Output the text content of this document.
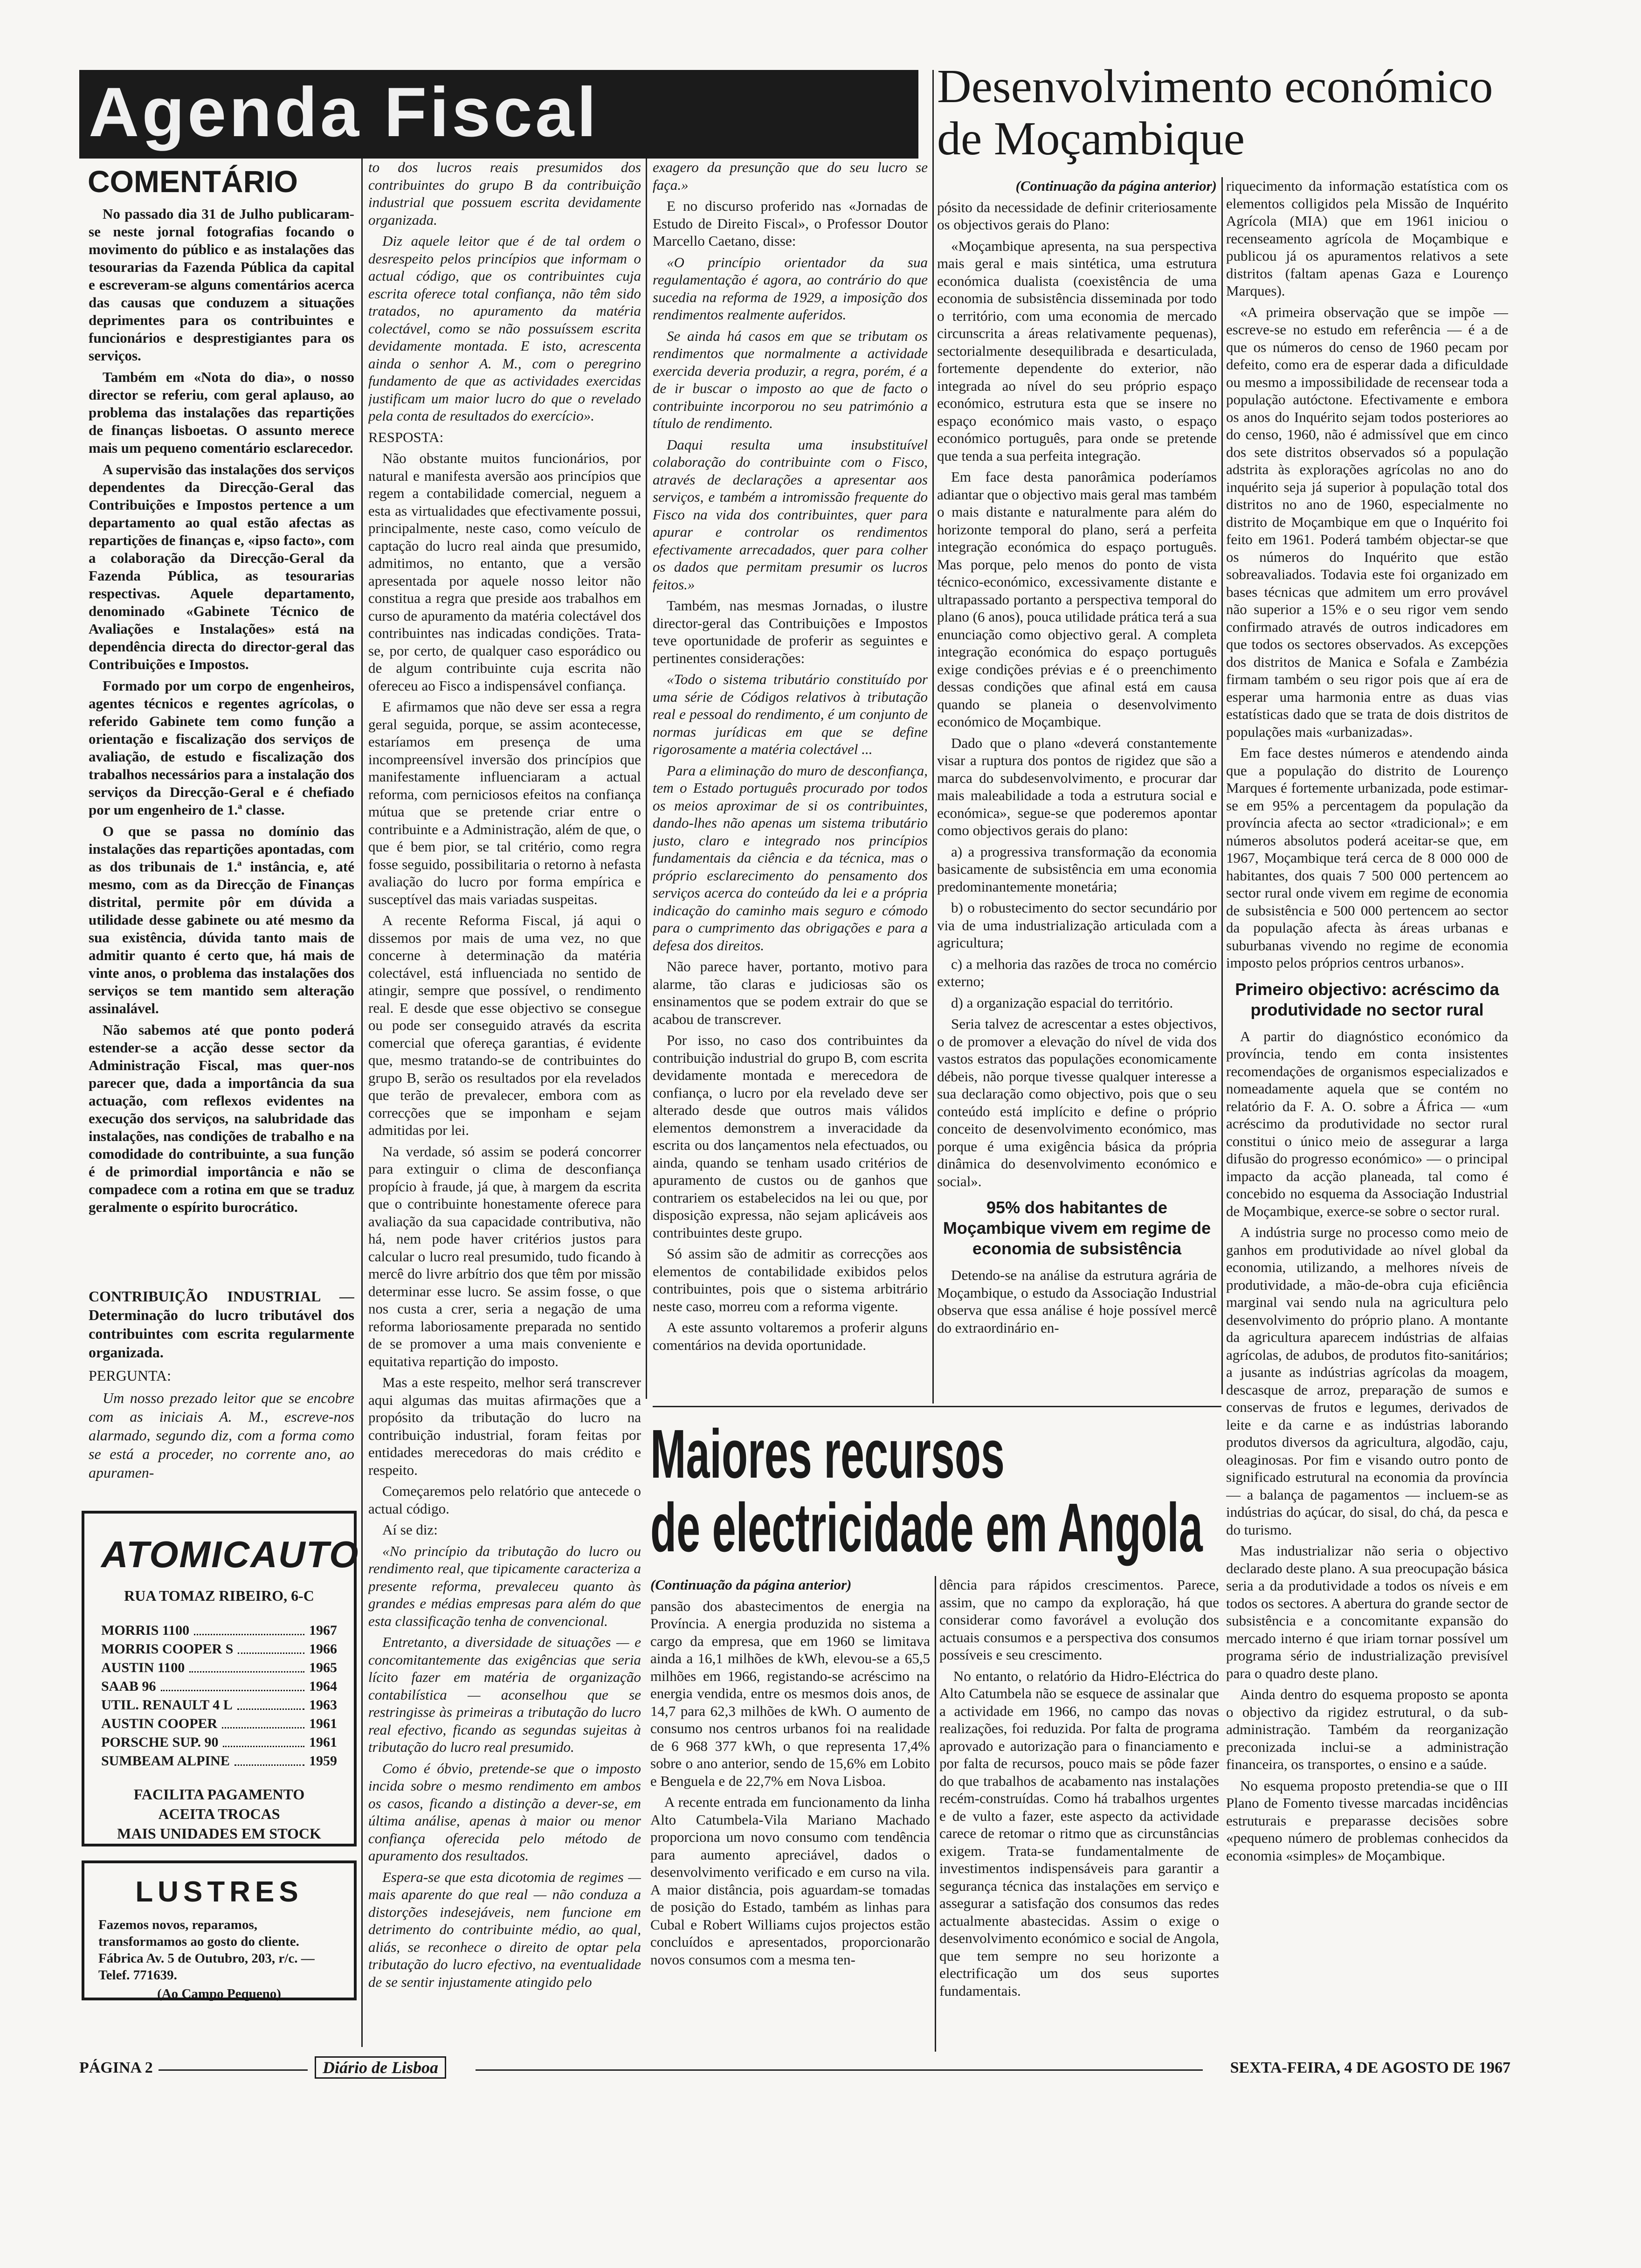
Agenda Fiscal
COMENTÁRIO

No passado dia 31 de Julho publicaram-se neste jornal fotografias focando o movimento do público e as instalações das tesourarias da Fazenda Pública da capital e escreveram-se alguns comentários acerca das causas que conduzem a situações deprimentes para os contribuintes e funcionários e desprestigiantes para os serviços.

Também em «Nota do dia», o nosso director se referiu, com geral aplauso, ao problema das instalações das repartições de finanças lisboetas. O assunto merece mais um pequeno comentário esclarecedor.

A supervisão das instalações dos serviços dependentes da Direcção-Geral das Contribuições e Impostos pertence a um departamento ao qual estão afectas as repartições de finanças e, «ipso facto», com a colaboração da Direcção-Geral da Fazenda Pública, as tesourarias respectivas. Aquele departamento, denominado «Gabinete Técnico de Avaliações e Instalações» está na dependência directa do director-geral das Contribuições e Impostos.

Formado por um corpo de engenheiros, agentes técnicos e regentes agrícolas, o referido Gabinete tem como função a orientação e fiscalização dos serviços de avaliação, de estudo e fiscalização dos trabalhos necessários para a instalação dos serviços da Direcção-Geral e é chefiado por um engenheiro de 1.ª classe.

O que se passa no domínio das instalações das repartições apontadas, com as dos tribunais de 1.ª instância, e, até mesmo, com as da Direcção de Finanças distrital, permite pôr em dúvida a utilidade desse gabinete ou até mesmo da sua existência, dúvida tanto mais de admitir quanto é certo que, há mais de vinte anos, o problema das instalações dos serviços se tem mantido sem alteração assinalável.

Não sabemos até que ponto poderá estender-se a acção desse sector da Administração Fiscal, mas quer-nos parecer que, dada a importância da sua actuação, com reflexos evidentes na execução dos serviços, na salubridade das instalações, nas condições de trabalho e na comodidade do contribuinte, a sua função é de primordial importância e não se compadece com a rotina em que se traduz geralmente o espírito burocrático.

CONTRIBUIÇÃO INDUSTRIAL — Determinação do lucro tributável dos contribuintes com escrita regularmente organizada.

PERGUNTA:

Um nosso prezado leitor que se encobre com as iniciais A. M., escreve-nos alarmado, segundo diz, com a forma como se está a proceder, no corrente ano, ao apuramen-

ATOMICAUTO
RUA TOMAZ RIBEIRO, 6-C
MORRIS 1100	1967
MORRIS COOPER S	1966
AUSTIN 1100	1965
SAAB 96	1964
UTIL. RENAULT 4 L	1963
AUSTIN COOPER	1961
PORSCHE SUP. 90	1961
SUMBEAM ALPINE	1959
FACILITA PAGAMENTO
ACEITA TROCAS
MAIS UNIDADES EM STOCK
LUSTRES
Fazemos novos, reparamos, transformamos ao gosto do cliente. Fábrica Av. 5 de Outubro, 203, r/c. — Telef. 771639.
(Ao Campo Pequeno)

to dos lucros reais presumidos dos contribuintes do grupo B da contribuição industrial que possuem escrita devidamente organizada.

Diz aquele leitor que é de tal ordem o desrespeito pelos princípios que informam o actual código, que os contribuintes cuja escrita oferece total confiança, não têm sido tratados, no apuramento da matéria colectável, como se não possuíssem escrita devidamente montada. E isto, acrescenta ainda o senhor A. M., com o peregrino fundamento de que as actividades exercidas justificam um maior lucro do que o revelado pela conta de resultados do exercício».

RESPOSTA:

Não obstante muitos funcionários, por natural e manifesta aversão aos princípios que regem a contabilidade comercial, neguem a esta as virtualidades que efectivamente possui, principalmente, neste caso, como veículo de captação do lucro real ainda que presumido, admitimos, no entanto, que a versão apresentada por aquele nosso leitor não constitua a regra que preside aos trabalhos em curso de apuramento da matéria colectável dos contribuintes nas indicadas condições. Trata-se, por certo, de qualquer caso esporádico ou de algum contribuinte cuja escrita não ofereceu ao Fisco a indispensável confiança.

E afirmamos que não deve ser essa a regra geral seguida, porque, se assim acontecesse, estaríamos em presença de uma incompreensível inversão dos princípios que manifestamente influenciaram a actual reforma, com perniciosos efeitos na confiança mútua que se pretende criar entre o contribuinte e a Administração, além de que, o que é bem pior, se tal critério, como regra fosse seguido, possibilitaria o retorno à nefasta avaliação do lucro por forma empírica e susceptível das mais variadas suspeitas.

A recente Reforma Fiscal, já aqui o dissemos por mais de uma vez, no que concerne à determinação da matéria colectável, está influenciada no sentido de atingir, sempre que possível, o rendimento real. E desde que esse objectivo se consegue ou pode ser conseguido através da escrita comercial que ofereça garantias, é evidente que, mesmo tratando-se de contribuintes do grupo B, serão os resultados por ela revelados que terão de prevalecer, embora com as correcções que se imponham e sejam admitidas por lei.

Na verdade, só assim se poderá concorrer para extinguir o clima de desconfiança propício à fraude, já que, à margem da escrita que o contribuinte honestamente oferece para avaliação da sua capacidade contributiva, não há, nem pode haver critérios justos para calcular o lucro real presumido, tudo ficando à mercê do livre arbítrio dos que têm por missão determinar esse lucro. Se assim fosse, o que nos custa a crer, seria a negação de uma reforma laboriosamente preparada no sentido de se promover a uma mais conveniente e equitativa repartição do imposto.

Mas a este respeito, melhor será transcrever aqui algumas das muitas afirmações que a propósito da tributação do lucro na contribuição industrial, foram feitas por entidades merecedoras do mais crédito e respeito.

Começaremos pelo relatório que antecede o actual código.

Aí se diz:

«No princípio da tributação do lucro ou rendimento real, que tipicamente caracteriza a presente reforma, prevaleceu quanto às grandes e médias empresas para além do que esta classificação tenha de convencional.

Entretanto, a diversidade de situações — e concomitantemente das exigências que seria lícito fazer em matéria de organização contabilística — aconselhou que se restringisse às primeiras a tributação do lucro real efectivo, ficando as segundas sujeitas à tributação do lucro real presumido.

Como é óbvio, pretende-se que o imposto incida sobre o mesmo rendimento em ambos os casos, ficando a distinção a dever-se, em última análise, apenas à maior ou menor confiança oferecida pelo método de apuramento dos resultados.

Espera-se que esta dicotomia de regimes — mais aparente do que real — não conduza a distorções indesejáveis, nem funcione em detrimento do contribuinte médio, ao qual, aliás, se reconhece o direito de optar pela tributação do lucro efectivo, na eventualidade de se sentir injustamente atingido pelo

exagero da presunção que do seu lucro se faça.»

E no discurso proferido nas «Jornadas de Estudo de Direito Fiscal», o Professor Doutor Marcello Caetano, disse:

«O princípio orientador da sua regulamentação é agora, ao contrário do que sucedia na reforma de 1929, a imposição dos rendimentos realmente auferidos.

Se ainda há casos em que se tributam os rendimentos que normalmente a actividade exercida deveria produzir, a regra, porém, é a de ir buscar o imposto ao que de facto o contribuinte incorporou no seu património a título de rendimento.

Daqui resulta uma insubstituível colaboração do contribuinte com o Fisco, através de declarações a apresentar aos serviços, e também a intromissão frequente do Fisco na vida dos contribuintes, quer para apurar e controlar os rendimentos efectivamente arrecadados, quer para colher os dados que permitam presumir os lucros feitos.»

Também, nas mesmas Jornadas, o ilustre director-geral das Contribuições e Impostos teve oportunidade de proferir as seguintes e pertinentes considerações:

«Todo o sistema tributário constituído por uma série de Códigos relativos à tributação real e pessoal do rendimento, é um conjunto de normas jurídicas em que se define rigorosamente a matéria colectável ...

Para a eliminação do muro de desconfiança, tem o Estado português procurado por todos os meios aproximar de si os contribuintes, dando-lhes não apenas um sistema tributário justo, claro e integrado nos princípios fundamentais da ciência e da técnica, mas o próprio esclarecimento do pensamento dos serviços acerca do conteúdo da lei e a própria indicação do caminho mais seguro e cómodo para o cumprimento das obrigações e para a defesa dos direitos.

Não parece haver, portanto, motivo para alarme, tão claras e judiciosas são os ensinamentos que se podem extrair do que se acabou de transcrever.

Por isso, no caso dos contribuintes da contribuição industrial do grupo B, com escrita devidamente montada e merecedora de confiança, o lucro por ela revelado deve ser alterado desde que outros mais válidos elementos demonstrem a inveracidade da escrita ou dos lançamentos nela efectuados, ou ainda, quando se tenham usado critérios de apuramento de custos ou de ganhos que contrariem os estabelecidos na lei ou que, por disposição expressa, não sejam aplicáveis aos contribuintes deste grupo.

Só assim são de admitir as correcções aos elementos de contabilidade exibidos pelos contribuintes, pois que o sistema arbitrário neste caso, morreu com a reforma vigente.

A este assunto voltaremos a proferir alguns comentários na devida oportunidade.

Desenvolvimento económico de Moçambique

(Continuação da página anterior)

pósito da necessidade de definir criteriosamente os objectivos gerais do Plano:

«Moçambique apresenta, na sua perspectiva mais geral e mais sintética, uma estrutura económica dualista (coexistência de uma economia de subsistência disseminada por todo o território, com uma economia de mercado circunscrita a áreas relativamente pequenas), sectorialmente desequilibrada e desarticulada, fortemente dependente do exterior, não integrada ao nível do seu próprio espaço económico, estrutura esta que se insere no espaço económico mais vasto, o espaço económico português, para onde se pretende que tenda a sua perfeita integração.

Em face desta panorâmica poderíamos adiantar que o objectivo mais geral mas também o mais distante e naturalmente para além do horizonte temporal do plano, será a perfeita integração económica do espaço português. Mas porque, pelo menos do ponto de vista técnico-económico, excessivamente distante e ultrapassado portanto a perspectiva temporal do plano (6 anos), pouca utilidade prática terá a sua enunciação como objectivo geral. A completa integração económica do espaço português exige condições prévias e é o preenchimento dessas condições que afinal está em causa quando se planeia o desenvolvimento económico de Moçambique.

Dado que o plano «deverá constantemente visar a ruptura dos pontos de rigidez que são a marca do subdesenvolvimento, e procurar dar mais maleabilidade a toda a estrutura social e económica», segue-se que poderemos apontar como objectivos gerais do plano:

a) a progressiva transformação da economia basicamente de subsistência em uma economia predominantemente monetária;

b) o robustecimento do sector secundário por via de uma industrialização articulada com a agricultura;

c) a melhoria das razões de troca no comércio externo;

d) a organização espacial do território.

Seria talvez de acrescentar a estes objectivos, o de promover a elevação do nível de vida dos vastos estratos das populações economicamente débeis, não porque tivesse qualquer interesse a sua declaração como objectivo, pois que o seu conteúdo está implícito e define o próprio conceito de desenvolvimento económico, mas porque é uma exigência básica da própria dinâmica do desenvolvimento económico e social».

95% dos habitantes de Moçambique vivem em regime de economia de subsistência

Detendo-se na análise da estrutura agrária de Moçambique, o estudo da Associação Industrial observa que essa análise é hoje possível mercê do extraordinário en-

riquecimento da informação estatística com os elementos colligidos pela Missão de Inquérito Agrícola (MIA) que em 1961 iniciou o recenseamento agrícola de Moçambique e publicou já os apuramentos relativos a sete distritos (faltam apenas Gaza e Lourenço Marques).

«A primeira observação que se impõe — escreve-se no estudo em referência — é a de que os números do censo de 1960 pecam por defeito, como era de esperar dada a dificuldade ou mesmo a impossibilidade de recensear toda a população autóctone. Efectivamente e embora os anos do Inquérito sejam todos posteriores ao do censo, 1960, não é admissível que em cinco dos sete distritos observados só a população adstrita às explorações agrícolas no ano do inquérito seja já superior à população total dos distritos no ano de 1960, especialmente no distrito de Moçambique em que o Inquérito foi feito em 1961. Poderá também objectar-se que os números do Inquérito que estão sobreavaliados. Todavia este foi organizado em bases técnicas que admitem um erro provável não superior a 15% e o seu rigor vem sendo confirmado através de outros indicadores em que todos os sectores observados. As excepções dos distritos de Manica e Sofala e Zambézia firmam também o seu rigor pois que aí era de esperar uma harmonia entre as duas vias estatísticas dado que se trata de dois distritos de populações mais «urbanizadas».

Em face destes números e atendendo ainda que a população do distrito de Lourenço Marques é fortemente urbanizada, pode estimar-se em 95% a percentagem da população da província afecta ao sector «tradicional»; e em números absolutos poderá aceitar-se que, em 1967, Moçambique terá cerca de 8 000 000 de habitantes, dos quais 7 500 000 pertencem ao sector rural onde vivem em regime de economia de subsistência e 500 000 pertencem ao sector da população afecta às áreas urbanas e suburbanas vivendo no regime de economia imposto pelos próprios centros urbanos».

Primeiro objectivo: acréscimo da produtividade no sector rural

A partir do diagnóstico económico da província, tendo em conta insistentes recomendações de organismos especializados e nomeadamente aquela que se contém no relatório da F. A. O. sobre a África — «um acréscimo da produtividade no sector rural constitui o único meio de assegurar a larga difusão do progresso económico» — o principal impacto da acção planeada, tal como é concebido no esquema da Associação Industrial de Moçambique, exerce-se sobre o sector rural.

A indústria surge no processo como meio de ganhos em produtividade ao nível global da economia, utilizando, a melhores níveis de produtividade, a mão-de-obra cuja eficiência marginal vai sendo nula na agricultura pelo desenvolvimento do próprio plano. A montante da agricultura aparecem indústrias de alfaias agrícolas, de adubos, de produtos fito-sanitários; a jusante as indústrias agrícolas da moagem, descasque de arroz, preparação de sumos e conservas de frutos e legumes, derivados de leite e da carne e as indústrias laborando produtos diversos da agricultura, algodão, caju, oleaginosas. Por fim e visando outro ponto de significado estrutural na economia da província — a balança de pagamentos — incluem-se as indústrias do açúcar, do sisal, do chá, da pesca e do turismo.

Mas industrializar não seria o objectivo declarado deste plano. A sua preocupação básica seria a da produtividade a todos os níveis e em todos os sectores. A abertura do grande sector de subsistência e a concomitante expansão do mercado interno é que iriam tornar possível um programa sério de industrialização previsível para o quadro deste plano.

Ainda dentro do esquema proposto se aponta o objectivo da rigidez estrutural, o da sub-administração. Também da reorganização preconizada inclui-se a administração financeira, os transportes, o ensino e a saúde.

No esquema proposto pretendia-se que o III Plano de Fomento tivesse marcadas incidências estruturais e preparasse decisões sobre «pequeno número de problemas conhecidos da economia «simples» de Moçambique.

Maiores recursos
de electricidade em Angola

(Continuação da página anterior)

pansão dos abastecimentos de energia na Província. A energia produzida no sistema a cargo da empresa, que em 1960 se limitava ainda a 16,1 milhões de kWh, elevou-se a 65,5 milhões em 1966, registando-se acréscimo na energia vendida, entre os mesmos dois anos, de 14,7 para 62,3 milhões de kWh. O aumento de consumo nos centros urbanos foi na realidade de 6 968 377 kWh, o que representa 17,4% sobre o ano anterior, sendo de 15,6% em Lobito e Benguela e de 22,7% em Nova Lisboa.

A recente entrada em funcionamento da linha Alto Catumbela-Vila Mariano Machado proporciona um novo consumo com tendência para aumento apreciável, dados o desenvolvimento verificado e em curso na vila. A maior distância, pois aguardam-se tomadas de posição do Estado, também as linhas para Cubal e Robert Williams cujos projectos estão concluídos e apresentados, proporcionarão novos consumos com a mesma ten-

dência para rápidos crescimentos. Parece, assim, que no campo da exploração, há que considerar como favorável a evolução dos actuais consumos e a perspectiva dos consumos possíveis e seu crescimento.

No entanto, o relatório da Hidro-Eléctrica do Alto Catumbela não se esquece de assinalar que a actividade em 1966, no campo das novas realizações, foi reduzida. Por falta de programa aprovado e autorização para o financiamento e por falta de recursos, pouco mais se pôde fazer do que trabalhos de acabamento nas instalações recém-construídas. Como há trabalhos urgentes e de vulto a fazer, este aspecto da actividade carece de retomar o ritmo que as circunstâncias exigem. Trata-se fundamentalmente de investimentos indispensáveis para garantir a segurança técnica das instalações em serviço e assegurar a satisfação dos consumos das redes actualmente abastecidas. Assim o exige o desenvolvimento económico e social de Angola, que tem sempre no seu horizonte a electrificação um dos seus suportes fundamentais.

PÁGINA 2	Diário de Lisboa	SEXTA-FEIRA, 4 DE AGOSTO DE 1967
